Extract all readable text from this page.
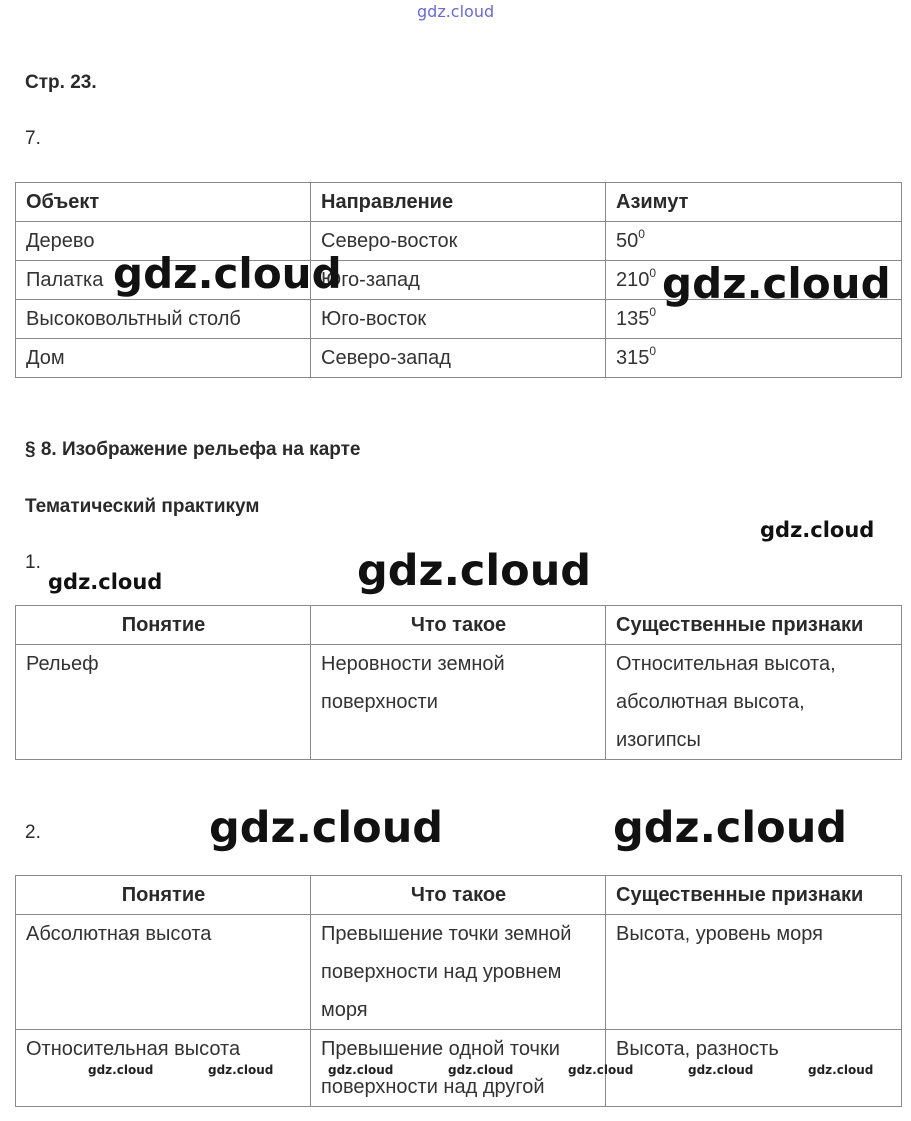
gdz.cloud
Стр. 23.
7.
Объект	Направление	Азимут
Дерево	Северо-восток	$50^0$
Палатка	Юго-запад	$210^0$
Высоковольтный столб	Юго-восток	$135^0$
Дом	Северо-запад	$315^0$
§ 8. Изображение рельефа на карте
Тематический практикум
1.
Понятие	Что такое	Существенные признаки
Рельеф	Неровности земной поверхности	Относительная высота, абсолютная высота, изогипсы
2.
Понятие	Что такое	Существенные признаки
Абсолютная высота	Превышение точки земной поверхности над уровнем моря	Высота, уровень моря
Относительная высота	Превышение одной точки поверхности над другой	Высота, разность
gdz.cloud	gdz.cloud
gdz.cloud
gdz.cloud	gdz.cloud
gdz.cloud	gdz.cloud
gdz.cloud	gdz.cloud	gdz.cloud	gdz.cloud	gdz.cloud	gdz.cloud	gdz.cloud
